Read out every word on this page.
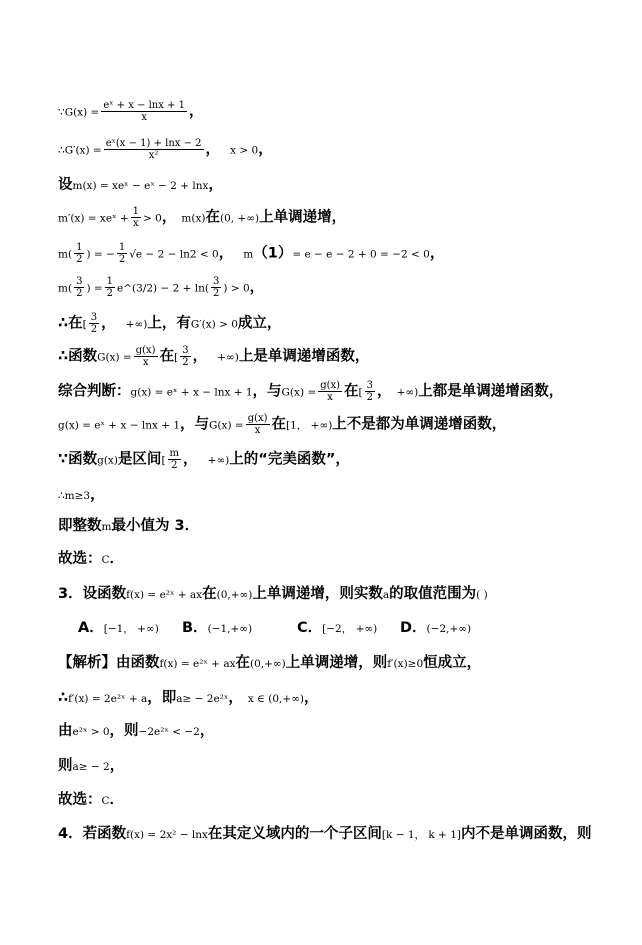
∵G(x) = $\frac{\text{eˣ + x − lnx + 1}}{x}$ ，
∴G′(x) = $\frac{\text{eˣ(x − 1) + lnx − 2}}{\text{x²}}$ ， x > 0，
设m(x) = xeˣ − eˣ − 2 + lnx，
m′(x) = xeˣ + $\frac{1}{x} > 0$， m(x)在(0, +∞)上单调递增，
$m( \frac{1}{2}$ ) = − $\frac{1}{2} √e - 2 - \ln 2 < 0$， m（1）= e − e − 2 + 0 = −2 < 0，
$m( \frac{3}{2}$ ) = $\frac{1}{2}$ e^(3/2) − $2 + \ln( \frac{3}{2}$ ) > 0，
∴在[ $\frac{3}{2}$ ， +∞)上，有G′(x) > 0成立，
∴函数$G(x) = \frac{g(x)}{x}$ 在[ $\frac{3}{2}$ ， +∞)上是单调递增函数，
综合判断：g(x) = eˣ + x − lnx + 1，与$G(x) = \frac{g(x)}{x}$ 在[ $\frac{3}{2}$ ， +∞)上都是单调递增函数，
g(x) = eˣ + x − lnx + 1，与$G(x) = \frac{g(x)}{x}$ 在[1， +∞)上不是都为单调递增函数，
∵函数g(x)是区间[ $\frac{m}{2}$ ， +∞)上的“完美函数”，
∴m≥3，
即整数m最小值为 3．
故选：C．
3．设函数f(x) = e²ˣ + ax在(0,+∞)上单调递增，则实数a的取值范围为( )
A．[−1， +∞) B．(−1,+∞)	C．[−2， +∞) D．(−2,+∞)
【解析】由函数f(x) = e²ˣ + ax在(0,+∞)上单调递增，则f′(x)≥0恒成立，
∴f′(x) = 2e²ˣ + a，即a≥ − 2e²ˣ， x ∈ (0,+∞)，
由e²ˣ > 0，则−2e²ˣ < −2，
则a≥ − 2，
故选：C．
4．若函数f(x) = 2x² − lnx在其定义域内的一个子区间[k − 1， k + 1]内不是单调函数，则
